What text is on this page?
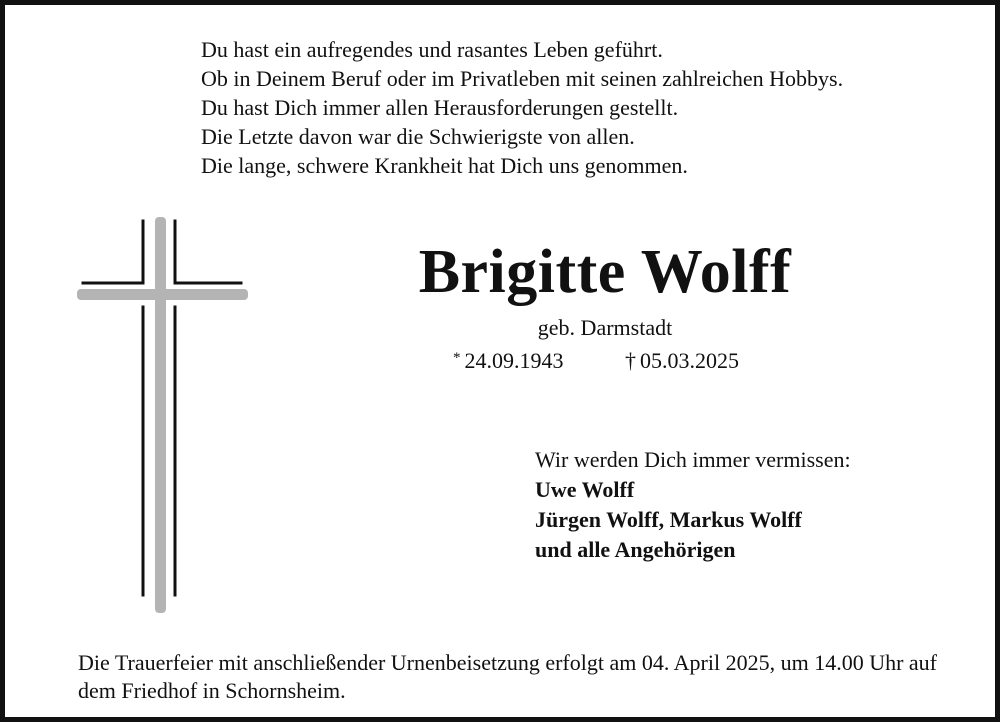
Du hast ein aufregendes und rasantes Leben geführt.
Ob in Deinem Beruf oder im Privatleben mit seinen zahlreichen Hobbys.
Du hast Dich immer allen Herausforderungen gestellt.
Die Letzte davon war die Schwierigste von allen.
Die lange, schwere Krankheit hat Dich uns genommen.
Brigitte Wolff
geb. Darmstadt
* 24.09.1943	† 05.03.2025
Wir werden Dich immer vermissen:
Uwe Wolff
Jürgen Wolff, Markus Wolff
und alle Angehörigen
Die Trauerfeier mit anschließender Urnenbeisetzung erfolgt am 04. April 2025, um 14.00 Uhr auf dem Friedhof in Schornsheim.
